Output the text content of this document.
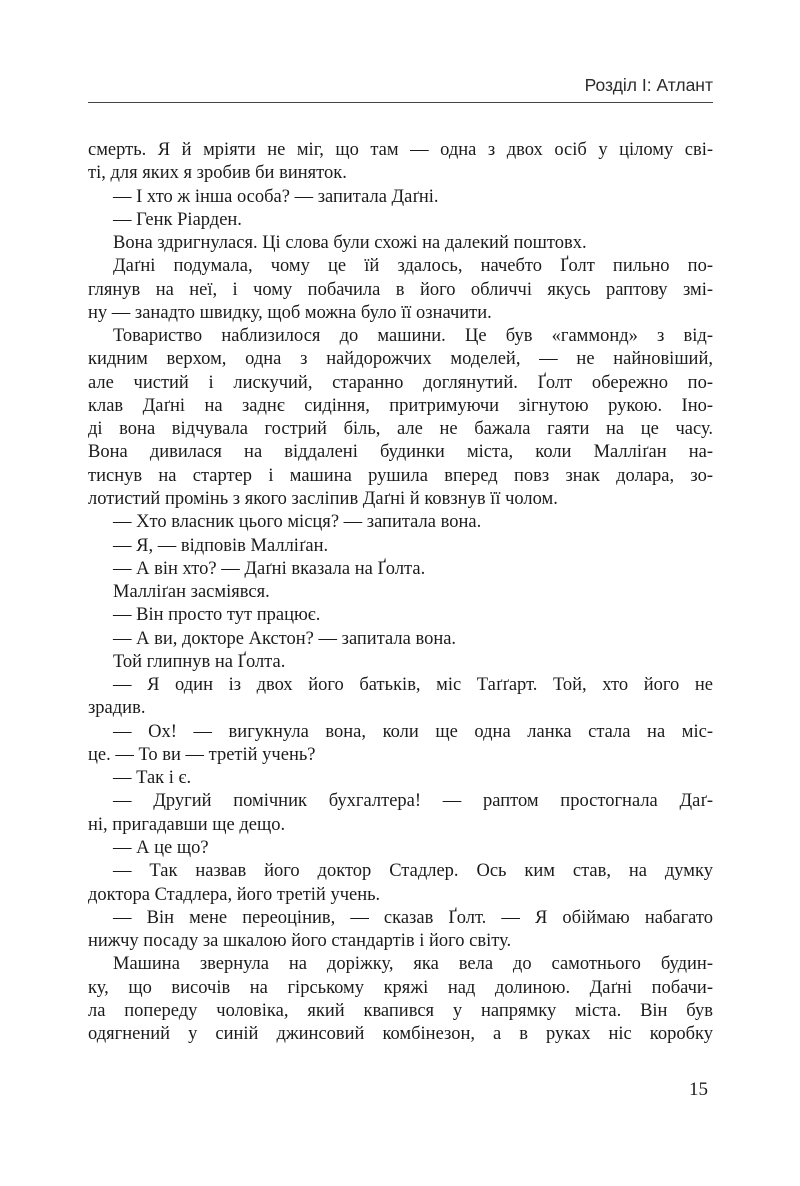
Розділ І: Атлант
смерть. Я й мріяти не міг, що там — одна з двох осіб у цілому сві-
ті, для яких я зробив би виняток.
— І хто ж інша особа? — запитала Даґні.
— Генк Ріарден.
Вона здригнулася. Ці слова були схожі на далекий поштовх.
Даґні подумала, чому це їй здалось, начебто Ґолт пильно по-
глянув на неї, і чому побачила в його обличчі якусь раптову змі-
ну — занадто швидку, щоб можна було її означити.
Товариство наблизилося до машини. Це був «гаммонд» з від-
кидним верхом, одна з найдорожчих моделей, — не найновіший,
але чистий і лискучий, старанно доглянутий. Ґолт обережно по-
клав Даґні на заднє сидіння, притримуючи зігнутою рукою. Іно-
ді вона відчувала гострий біль, але не бажала гаяти на це часу.
Вона дивилася на віддалені будинки міста, коли Малліґан на-
тиснув на стартер і машина рушила вперед повз знак долара, зо-
лотистий промінь з якого засліпив Даґні й ковзнув її чолом.
— Хто власник цього місця? — запитала вона.
— Я, — відповів Малліґан.
— А він хто? — Даґні вказала на Ґолта.
Малліґан засміявся.
— Він просто тут працює.
— А ви, докторе Акстон? — запитала вона.
Той глипнув на Ґолта.
— Я один із двох його батьків, міс Таґґарт. Той, хто його не
зрадив.
— Ох! — вигукнула вона, коли ще одна ланка стала на міс-
це. — То ви — третій учень?
— Так і є.
— Другий помічник бухгалтера! — раптом простогнала Даґ-
ні, пригадавши ще дещо.
— А це що?
— Так назвав його доктор Стадлер. Ось ким став, на думку
доктора Стадлера, його третій учень.
— Він мене переоцінив, — сказав Ґолт. — Я обіймаю набагато
нижчу посаду за шкалою його стандартів і його світу.
Машина звернула на доріжку, яка вела до самотнього будин-
ку, що височів на гірському кряжі над долиною. Даґні побачи-
ла попереду чоловіка, який квапився у напрямку міста. Він був
одягнений у синій джинсовий комбінезон, а в руках ніс коробку
15
